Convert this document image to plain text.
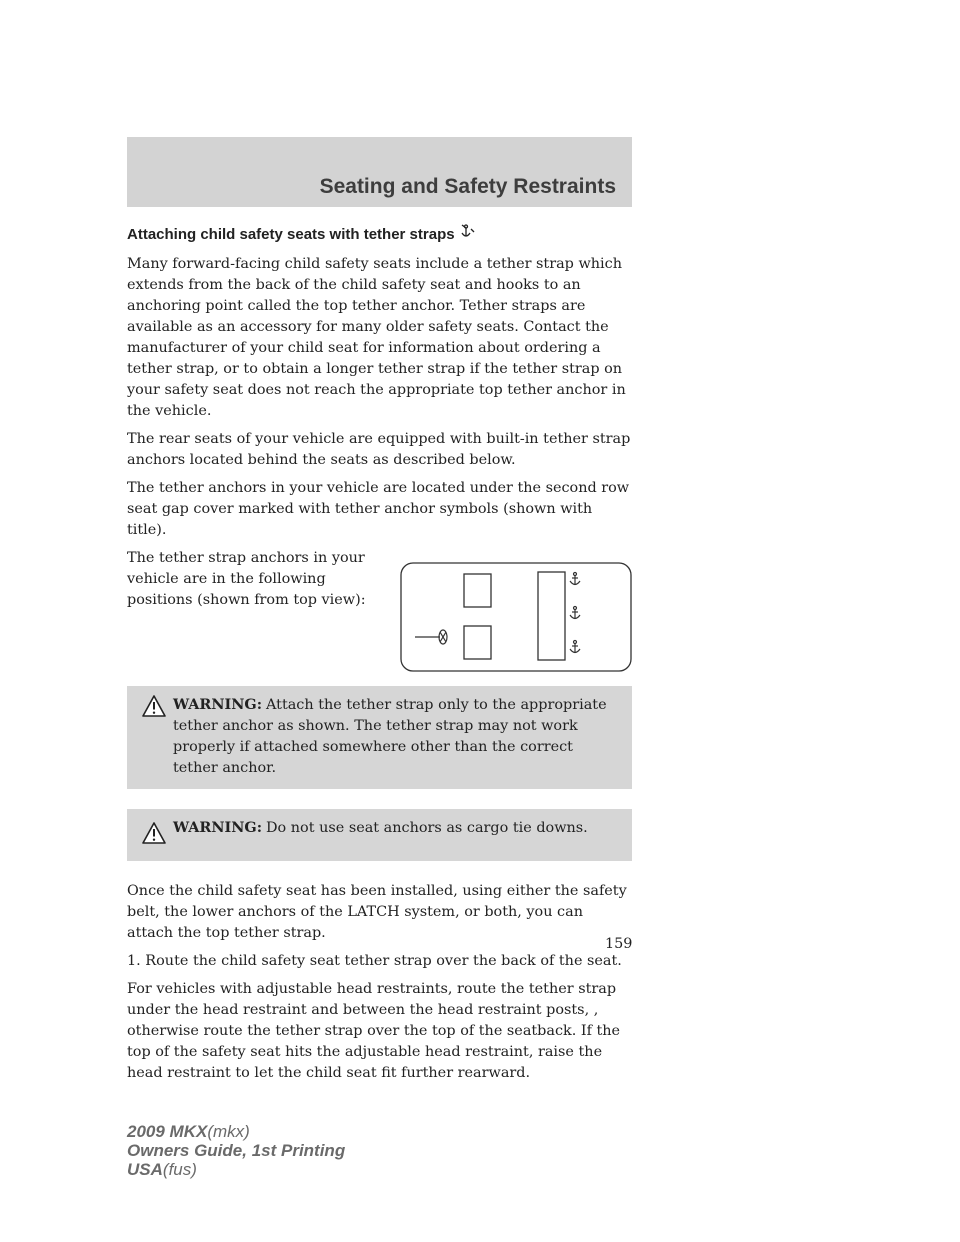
Seating and Safety Restraints

Attaching child safety seats with tether straps

Many forward-facing child safety seats include a tether strap which extends from the back of the child safety seat and hooks to an anchoring point called the top tether anchor. Tether straps are available as an accessory for many older safety seats. Contact the manufacturer of your child seat for information about ordering a tether strap, or to obtain a longer tether strap if the tether strap on your safety seat does not reach the appropriate top tether anchor in the vehicle.

The rear seats of your vehicle are equipped with built-in tether strap anchors located behind the seats as described below.

The tether anchors in your vehicle are located under the second row seat gap cover marked with tether anchor symbols (shown with title).

The tether strap anchors in your vehicle are in the following positions (shown from top view):

WARNING: Attach the tether strap only to the appropriate tether anchor as shown. The tether strap may not work properly if attached somewhere other than the correct tether anchor.
WARNING: Do not use seat anchors as cargo tie downs.

Once the child safety seat has been installed, using either the safety belt, the lower anchors of the LATCH system, or both, you can attach the top tether strap.

1. Route the child safety seat tether strap over the back of the seat.

For vehicles with adjustable head restraints, route the tether strap under the head restraint and between the head restraint posts, , otherwise route the tether strap over the top of the seatback. If the top of the safety seat hits the adjustable head restraint, raise the head restraint to let the child seat fit further rearward.

159
2009 MKX(mkx)
Owners Guide, 1st Printing
USA(fus)
